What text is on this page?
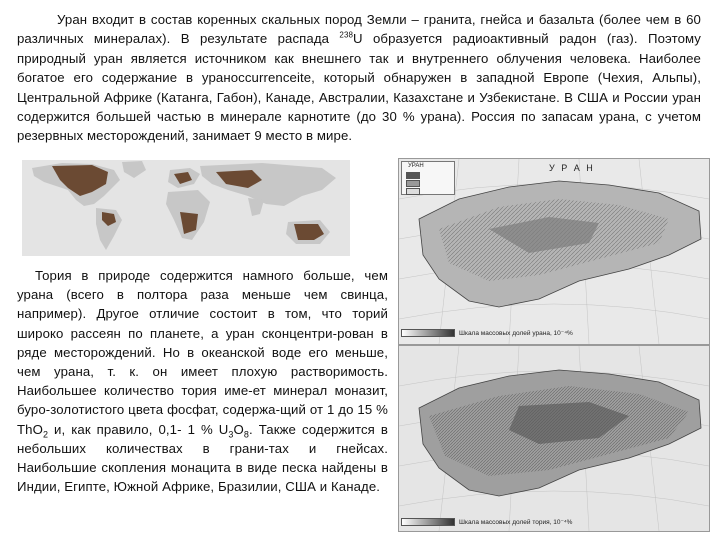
Уран входит в состав коренных скальных пород Земли – гранита, гнейса и базальта (более чем в 60 различных минералах). В результате распада $^{238}$U образуется радиоактивный радон (газ). Поэтому природный уран является источником как внешнего так и внутреннего облучения человека. Наиболее богатое его содержание в уранoccurrenceite, который обнаружен в западной Европе (Чехия, Альпы), Центральной Африке (Катанга, Габон), Канаде, Австралии, Казахстане и Узбекистане. В США и России уран содержится большей частью в минерале карнотите (до 30 % урана). Россия по запасам урана, с учетом резервных месторождений, занимает 9 место в мире.
У Р А Н
УРАН
Шкала массовых долей урана, 10⁻⁴%
Шкала массовых долей тория, 10⁻⁴%
Тория в природе содержится намного больше, чем урана (всего в полтора раза меньше чем свинца, например). Другое отличие состоит в том, что торий широко рассеян по планете, а уран сконцентри-рован в ряде месторождений. Но в океанской воде его меньше, чем урана, т. к. он имеет плохую растворимость. Наибольшее количество тория име-ет минерал моназит, буро-золотистого цвета фосфат, содержа-щий от 1 до 15 % ThO$_2$ и, как правило, 0,1- 1 % $U_3O_8$. Также содержится в небольших количествах в грани-тах и гнейсах. Наибольшие скопления монацита в виде песка найдены в Индии, Египте, Южной Африке, Бразилии, США и Канаде.
